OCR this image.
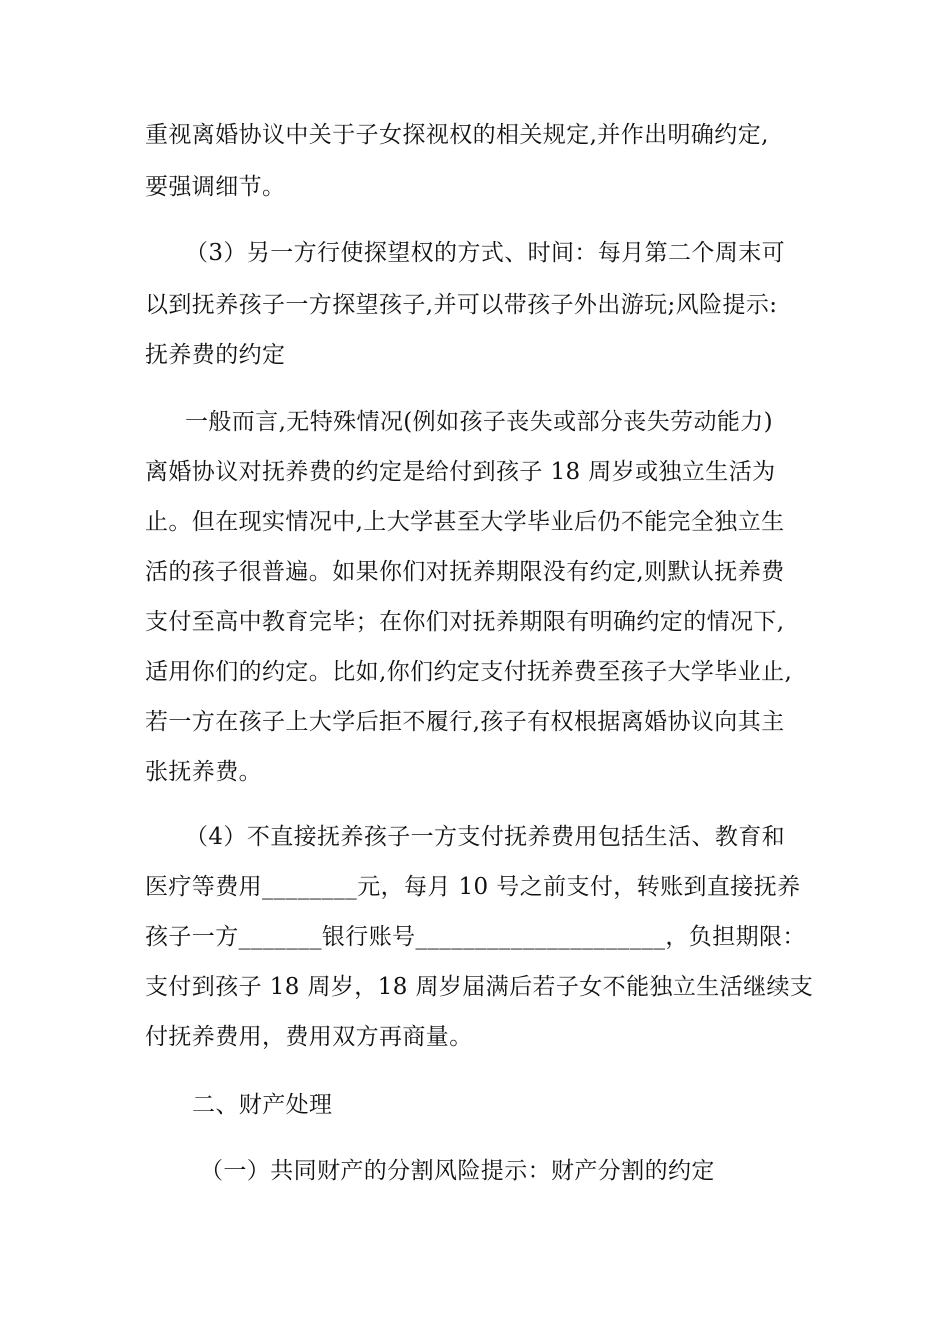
重视离婚协议中关于子女探视权的相关规定,并作出明确约定,
要强调细节。
（3）另一方行使探望权的方式、时间：每月第二个周末可
以到抚养孩子一方探望孩子,并可以带孩子外出游玩;风险提示:
抚养费的约定
一般而言,无特殊情况(例如孩子丧失或部分丧失劳动能力)
离婚协议对抚养费的约定是给付到孩子 18 周岁或独立生活为
止。但在现实情况中,上大学甚至大学毕业后仍不能完全独立生
活的孩子很普遍。如果你们对抚养期限没有约定,则默认抚养费
支付至高中教育完毕；在你们对抚养期限有明确约定的情况下,
适用你们的约定。比如,你们约定支付抚养费至孩子大学毕业止,
若一方在孩子上大学后拒不履行,孩子有权根据离婚协议向其主
张抚养费。
（4）不直接抚养孩子一方支付抚养费用包括生活、教育和
医疗等费用________元，每月 10 号之前支付，转账到直接抚养
孩子一方_______银行账号_____________________，负担期限：
支付到孩子 18 周岁，18 周岁届满后若子女不能独立生活继续支
付抚养费用，费用双方再商量。
二、财产处理
（一）共同财产的分割风险提示：财产分割的约定
